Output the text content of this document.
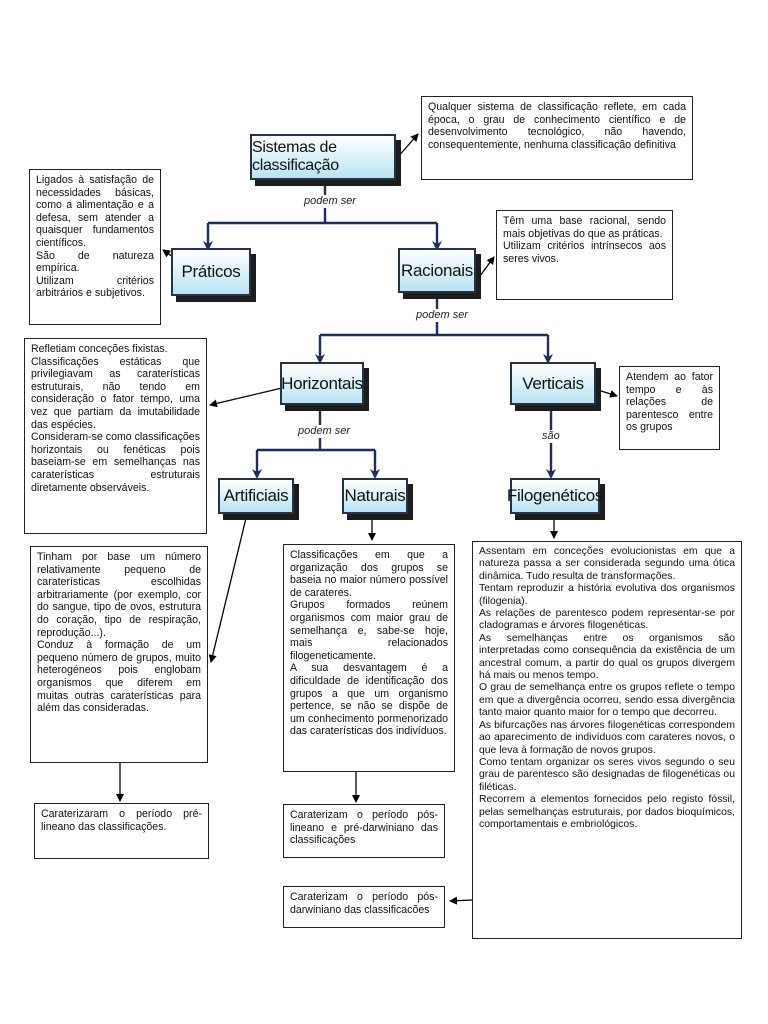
podem ser
podem ser
podem ser	são
Sistemas de classificação
Práticos	Racionais
Horizontais	Verticais
Artificiais	Naturais	Filogenéticos

Qualquer sistema de classificação reflete, em cada época, o grau de conhecimento científico e de desenvolvimento tecnológico, não havendo, consequentemente, nenhuma classificação definitiva

Ligados à satisfação de necessidades básicas, como a alimentação e a defesa, sem atender a quaisquer fundamentos científicos.

São de natureza empírica.

Utilizam critérios arbitrários e subjetivos.

Têm uma base racional, sendo mais objetivas do que as práticas.

Utilizam critérios intrínsecos aos seres vivos.

Refletiam conceções fixistas.

Classificações estáticas que privilegiavam as caraterísticas estruturais, não tendo em consideração o fator tempo, uma vez que partiam da imutabilidade das espécies.

Consideram-se como classificações horizontais ou fenéticas pois baseiam-se em semelhanças nas caraterísticas estruturais diretamente observáveis.

Atendem ao fator tempo e às relações de parentesco entre os grupos

Tinham por base um número relativamente pequeno de caraterísticas escolhidas arbitrariamente (por exemplo, cor do sangue, tipo de ovos, estrutura do coração, tipo de respiração, reprodução...).

Conduz à formação de um pequeno número de grupos, muito heterogéneos pois englobam organismos que diferem em muitas outras caraterísticas para além das consideradas.

Classificações em que a organização dos grupos se baseia no maior número possível de carateres.

Grupos formados reúnem organismos com maior grau de semelhança e, sabe-se hoje, mais relacionados filogeneticamente.

A sua desvantagem é a dificuldade de identificação dos grupos a que um organismo pertence, se não se dispõe de um conhecimento pormenorizado das caraterísticas dos indivíduos.

Assentam em conceções evolucionistas em que a natureza passa a ser considerada segundo uma ótica dinâmica. Tudo resulta de transformações.

Tentam reproduzir a história evolutiva dos organismos (filogenia).

As relações de parentesco podem representar-se por cladogramas e árvores filogenéticas.

As semelhanças entre os organismos são interpretadas como consequência da existência de um ancestral comum, a partir do qual os grupos divergem há mais ou menos tempo.

O grau de semelhança entre os grupos reflete o tempo em que a divergência ocorreu, sendo essa divergência tanto maior quanto maior for o tempo que decorreu.

As bifurcações nas árvores filogenéticas correspondem ao aparecimento de indivíduos com carateres novos, o que leva à formação de novos grupos.

Como tentam organizar os seres vivos segundo o seu grau de parentesco são designadas de filogenéticas ou filéticas.

Recorrem a elementos fornecidos pelo registo fóssil, pelas semelhanças estruturais, por dados bioquímicos, comportamentais e embriológicos.

Caraterizaram o período pré-lineano das classificações.

Caraterizam o período pós-lineano e pré-darwiniano das classificações

Caraterizam o período pós-darwiniano das classificacões
